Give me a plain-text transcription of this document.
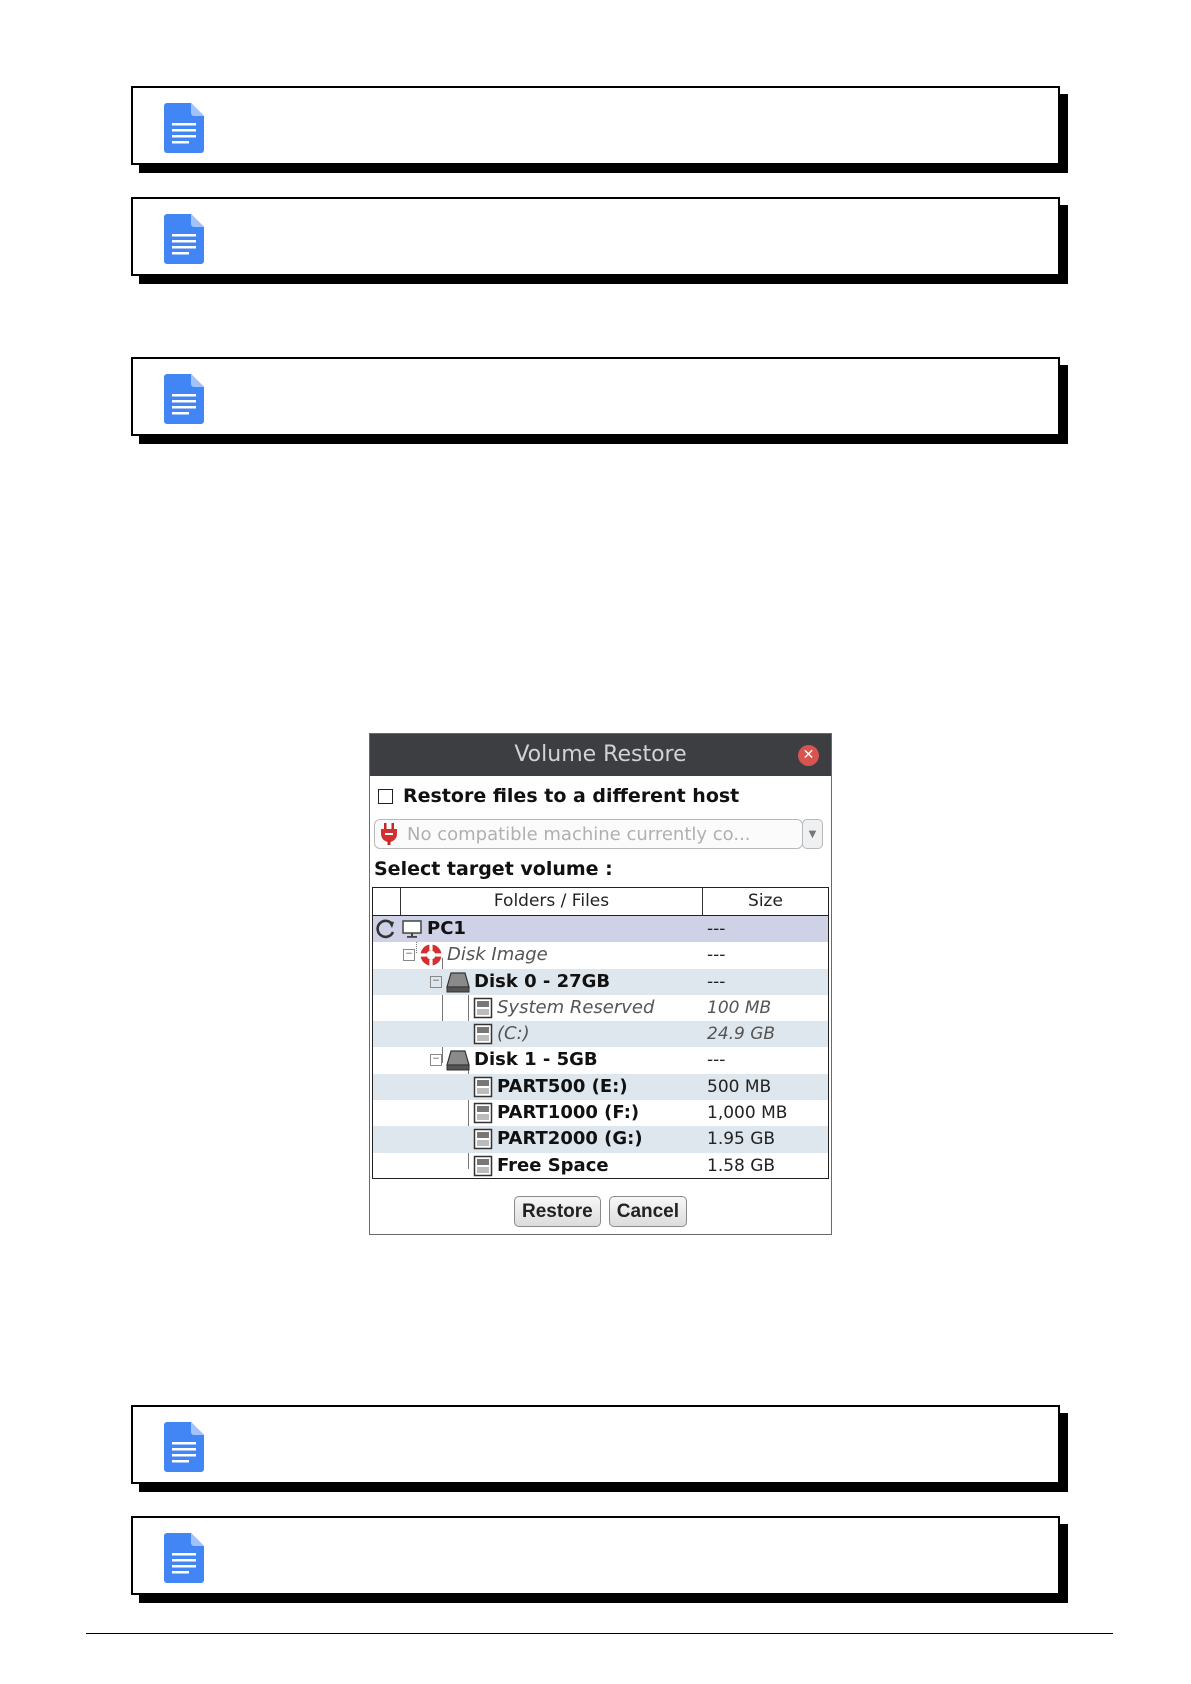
Volume Restore	✕
Restore files to a different host
No compatible machine currently co...	▼
Select target volume :
Folders / Files	Size
PC1	---
− Disk Image	---
− Disk 0 - 27GB	---
System Reserved	100 MB
(C:)	24.9 GB
− Disk 1 - 5GB	---
PART500 (E:)	500 MB
PART1000 (F:)	1,000 MB
PART2000 (G:)	1.95 GB
Free Space	1.58 GB
Restore	Cancel
